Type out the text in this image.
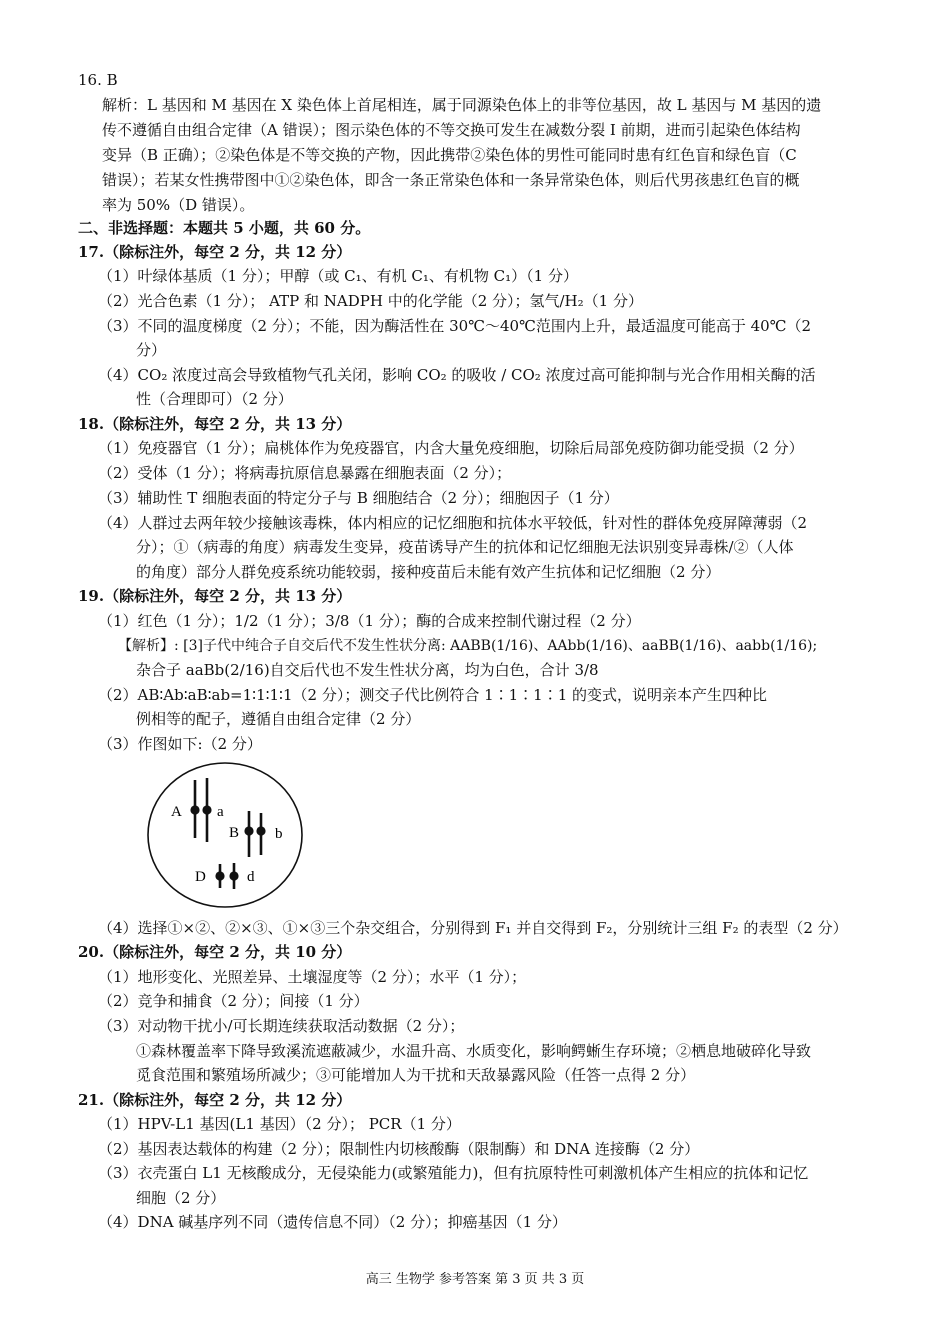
16. B
解析：L 基因和 M 基因在 X 染色体上首尾相连，属于同源染色体上的非等位基因，故 L 基因与 M 基因的遗
传不遵循自由组合定律（A 错误）；图示染色体的不等交换可发生在减数分裂 I 前期，进而引起染色体结构
变异（B 正确）；②染色体是不等交换的产物，因此携带②染色体的男性可能同时患有红色盲和绿色盲（C
错误）；若某女性携带图中①②染色体，即含一条正常染色体和一条异常染色体，则后代男孩患红色盲的概
率为 50%（D 错误）。
二、非选择题：本题共 5 小题，共 60 分。
17.（除标注外，每空 2 分，共 12 分）
（1）叶绿体基质（1 分）；甲醇（或 C₁、有机 C₁、有机物 C₁）（1 分）
（2）光合色素（1 分）； ATP 和 NADPH 中的化学能（2 分）；氢气/H₂（1 分）
（3）不同的温度梯度（2 分）；不能，因为酶活性在 30℃～40℃范围内上升，最适温度可能高于 40℃（2
分）
（4）CO₂ 浓度过高会导致植物气孔关闭，影响 CO₂ 的吸收 / CO₂ 浓度过高可能抑制与光合作用相关酶的活
性（合理即可）（2 分）
18.（除标注外，每空 2 分，共 13 分）
（1）免疫器官（1 分）；扁桃体作为免疫器官，内含大量免疫细胞，切除后局部免疫防御功能受损（2 分）
（2）受体（1 分）；将病毒抗原信息暴露在细胞表面（2 分）；
（3）辅助性 T 细胞表面的特定分子与 B 细胞结合（2 分）；细胞因子（1 分）
（4）人群过去两年较少接触该毒株，体内相应的记忆细胞和抗体水平较低，针对性的群体免疫屏障薄弱（2
分）；①（病毒的角度）病毒发生变异，疫苗诱导产生的抗体和记忆细胞无法识别变异毒株/②（人体
的角度）部分人群免疫系统功能较弱，接种疫苗后未能有效产生抗体和记忆细胞（2 分）
19.（除标注外，每空 2 分，共 13 分）
（1）红色（1 分）；1/2（1 分）；3/8（1 分）；酶的合成来控制代谢过程（2 分）
【解析】: [3]子代中纯合子自交后代不发生性状分离: AABB(1/16)、AAbb(1/16)、aaBB(1/16)、aabb(1/16);
杂合子 aaBb(2/16)自交后代也不发生性状分离，均为白色，合计 3/8
（2）AB∶Ab∶aB∶ab=1∶1∶1∶1（2 分）；测交子代比例符合 1∶1∶1∶1 的变式，说明亲本产生四种比
例相等的配子，遵循自由组合定律（2 分）
（3）作图如下:（2 分）
A a
B b
D	d
（4）选择①×②、②×③、①×③三个杂交组合，分别得到 F₁ 并自交得到 F₂，分别统计三组 F₂ 的表型（2 分）
20.（除标注外，每空 2 分，共 10 分）
（1）地形变化、光照差异、土壤湿度等（2 分）；水平（1 分）；
（2）竞争和捕食（2 分）；间接（1 分）
（3）对动物干扰小/可长期连续获取活动数据（2 分）；
①森林覆盖率下降导致溪流遮蔽减少，水温升高、水质变化，影响鳄蜥生存环境；②栖息地破碎化导致
觅食范围和繁殖场所减少；③可能增加人为干扰和天敌暴露风险（任答一点得 2 分）
21.（除标注外，每空 2 分，共 12 分）
（1）HPV-L1 基因(L1 基因）（2 分）； PCR（1 分）
（2）基因表达载体的构建（2 分）；限制性内切核酸酶（限制酶）和 DNA 连接酶（2 分）
（3）衣壳蛋白 L1 无核酸成分，无侵染能力(或繁殖能力)，但有抗原特性可刺激机体产生相应的抗体和记忆
细胞（2 分）
（4）DNA 碱基序列不同（遗传信息不同）（2 分）；抑癌基因（1 分）
高三 生物学 参考答案 第 3 页 共 3 页
